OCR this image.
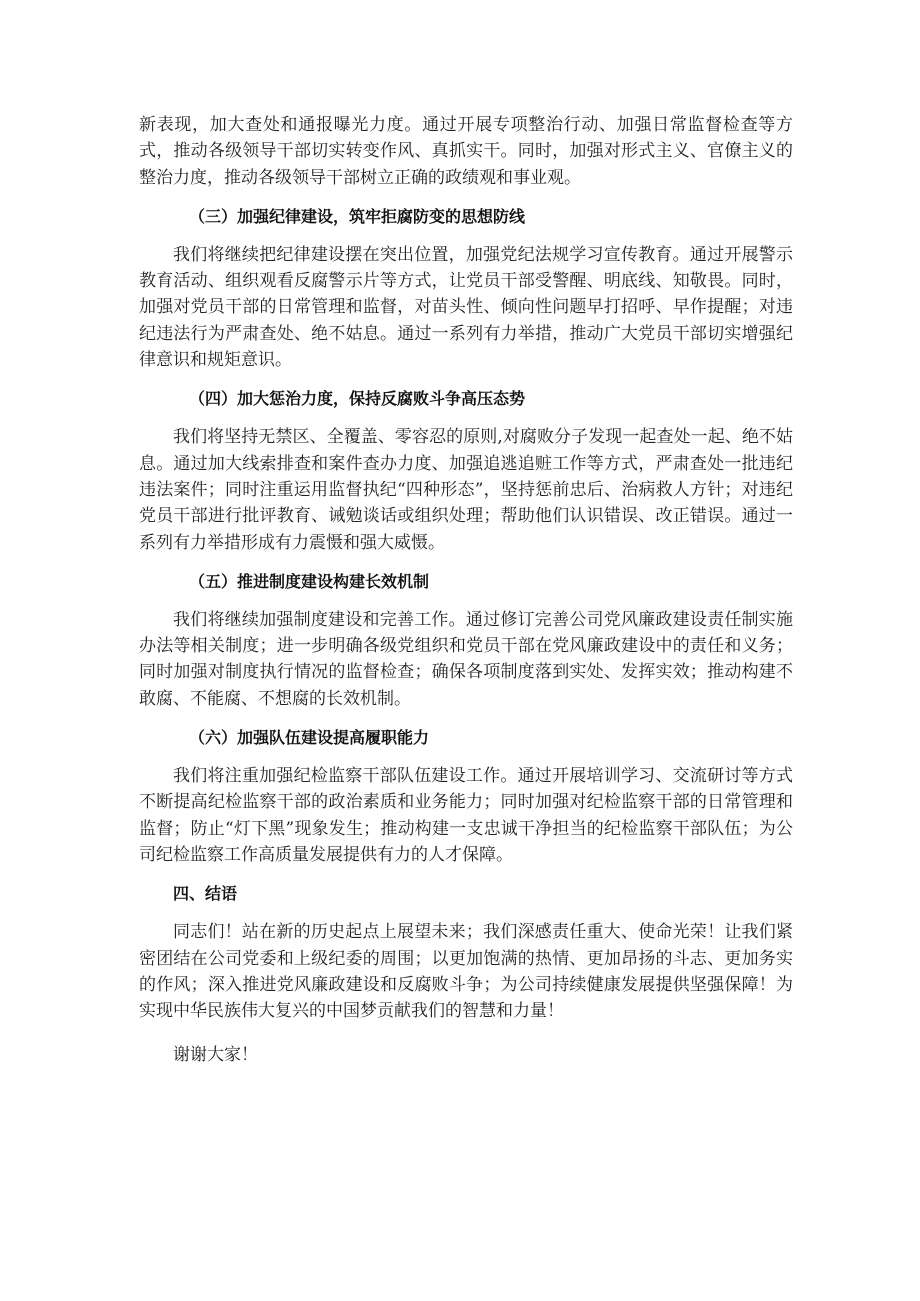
新表现，加大查处和通报曝光力度。通过开展专项整治行动、加强日常监督检查等方式，推动各级领导干部切实转变作风、真抓实干。同时，加强对形式主义、官僚主义的整治力度，推动各级领导干部树立正确的政绩观和事业观。

（三）加强纪律建设，筑牢拒腐防变的思想防线

我们将继续把纪律建设摆在突出位置，加强党纪法规学习宣传教育。通过开展警示教育活动、组织观看反腐警示片等方式，让党员干部受警醒、明底线、知敬畏。同时，加强对党员干部的日常管理和监督，对苗头性、倾向性问题早打招呼、早作提醒；对违纪违法行为严肃查处、绝不姑息。通过一系列有力举措，推动广大党员干部切实增强纪律意识和规矩意识。

（四）加大惩治力度，保持反腐败斗争高压态势

我们将坚持无禁区、全覆盖、零容忍的原则,对腐败分子发现一起查处一起、绝不姑息。通过加大线索排查和案件查办力度、加强追逃追赃工作等方式，严肃查处一批违纪违法案件；同时注重运用监督执纪“四种形态”，坚持惩前忠后、治病救人方针；对违纪党员干部进行批评教育、诫勉谈话或组织处理；帮助他们认识错误、改正错误。通过一系列有力举措形成有力震慑和强大威慑。

（五）推进制度建设构建长效机制

我们将继续加强制度建设和完善工作。通过修订完善公司党风廉政建设责任制实施办法等相关制度；进一步明确各级党组织和党员干部在党风廉政建设中的责任和义务；同时加强对制度执行情况的监督检查；确保各项制度落到实处、发挥实效；推动构建不敢腐、不能腐、不想腐的长效机制。

（六）加强队伍建设提高履职能力

我们将注重加强纪检监察干部队伍建设工作。通过开展培训学习、交流研讨等方式不断提高纪检监察干部的政治素质和业务能力；同时加强对纪检监察干部的日常管理和监督；防止“灯下黑”现象发生；推动构建一支忠诚干净担当的纪检监察干部队伍；为公司纪检监察工作高质量发展提供有力的人才保障。

四、结语

同志们！站在新的历史起点上展望未来；我们深感责任重大、使命光荣！让我们紧密团结在公司党委和上级纪委的周围；以更加饱满的热情、更加昂扬的斗志、更加务实的作风；深入推进党风廉政建设和反腐败斗争；为公司持续健康发展提供坚强保障！为实现中华民族伟大复兴的中国梦贡献我们的智慧和力量！

谢谢大家！
